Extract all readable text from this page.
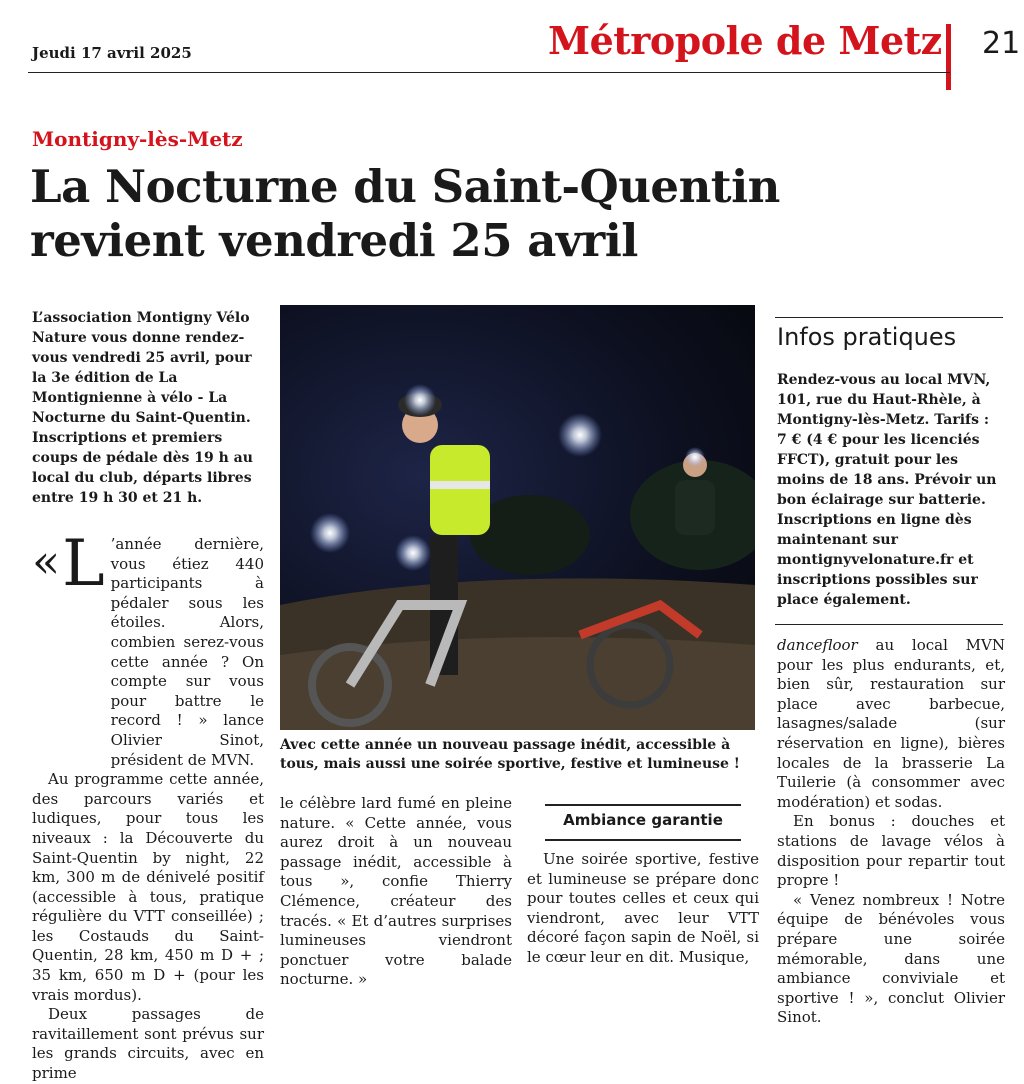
Jeudi 17 avril 2025	Métropole de Metz 21
Montigny-lès-Metz
La Nocturne du Saint-Quentin
revient vendredi 25 avril
L’association Montigny Vélo Nature vous donne rendez-vous vendredi 25 avril, pour la 3e édition de La Montignienne à vélo - La Nocturne du Saint-Quentin. Inscriptions et premiers coups de pédale dès 19 h au local du club, départs libres entre 19 h 30 et 21 h.
« L ’année dernière, vous étiez 440 participants à pédaler sous les étoiles. Alors, combien serez-vous cette année ? On compte sur vous pour battre le record ! » lance Olivier Sinot, président de MVN.

Au programme cette année, des parcours variés et ludiques, pour tous les niveaux : la Découverte du Saint-Quentin by night, 22 km, 300 m de dénivelé positif (accessible à tous, pratique régulière du VTT conseillée) ; les Costauds du Saint-Quentin, 28 km, 450 m D + ; 35 km, 650 m D + (pour les vrais mordus).

Deux passages de ravitaillement sont prévus sur les grands circuits, avec en prime

Avec cette année un nouveau passage inédit, accessible à tous, mais aussi une soirée sportive, festive et lumineuse !

le célèbre lard fumé en pleine nature. « Cette année, vous aurez droit à un nouveau passage inédit, accessible à tous », confie Thierry Clémence, créateur des tracés. « Et d’autres surprises lumineuses viendront ponctuer votre balade nocturne. »

Ambiance garantie

Une soirée sportive, festive et lumineuse se prépare donc pour toutes celles et ceux qui viendront, avec leur VTT décoré façon sapin de Noël, si le cœur leur en dit. Musique,

Infos pratiques
Rendez-vous au local MVN, 101, rue du Haut-Rhèle, à Montigny-lès-Metz. Tarifs : 7 € (4 € pour les licenciés FFCT), gratuit pour les moins de 18 ans. Prévoir un bon éclairage sur batterie. Inscriptions en ligne dès maintenant sur montignyvelonature.fr et inscriptions possibles sur place également.

dancefloor au local MVN pour les plus endurants, et, bien sûr, restauration sur place avec barbecue, lasagnes/salade (sur réservation en ligne), bières locales de la brasserie La Tuilerie (à consommer avec modération) et sodas.

En bonus : douches et stations de lavage vélos à disposition pour repartir tout propre !

« Venez nombreux ! Notre équipe de bénévoles vous prépare une soirée mémorable, dans une ambiance conviviale et sportive ! », conclut Olivier Sinot.
